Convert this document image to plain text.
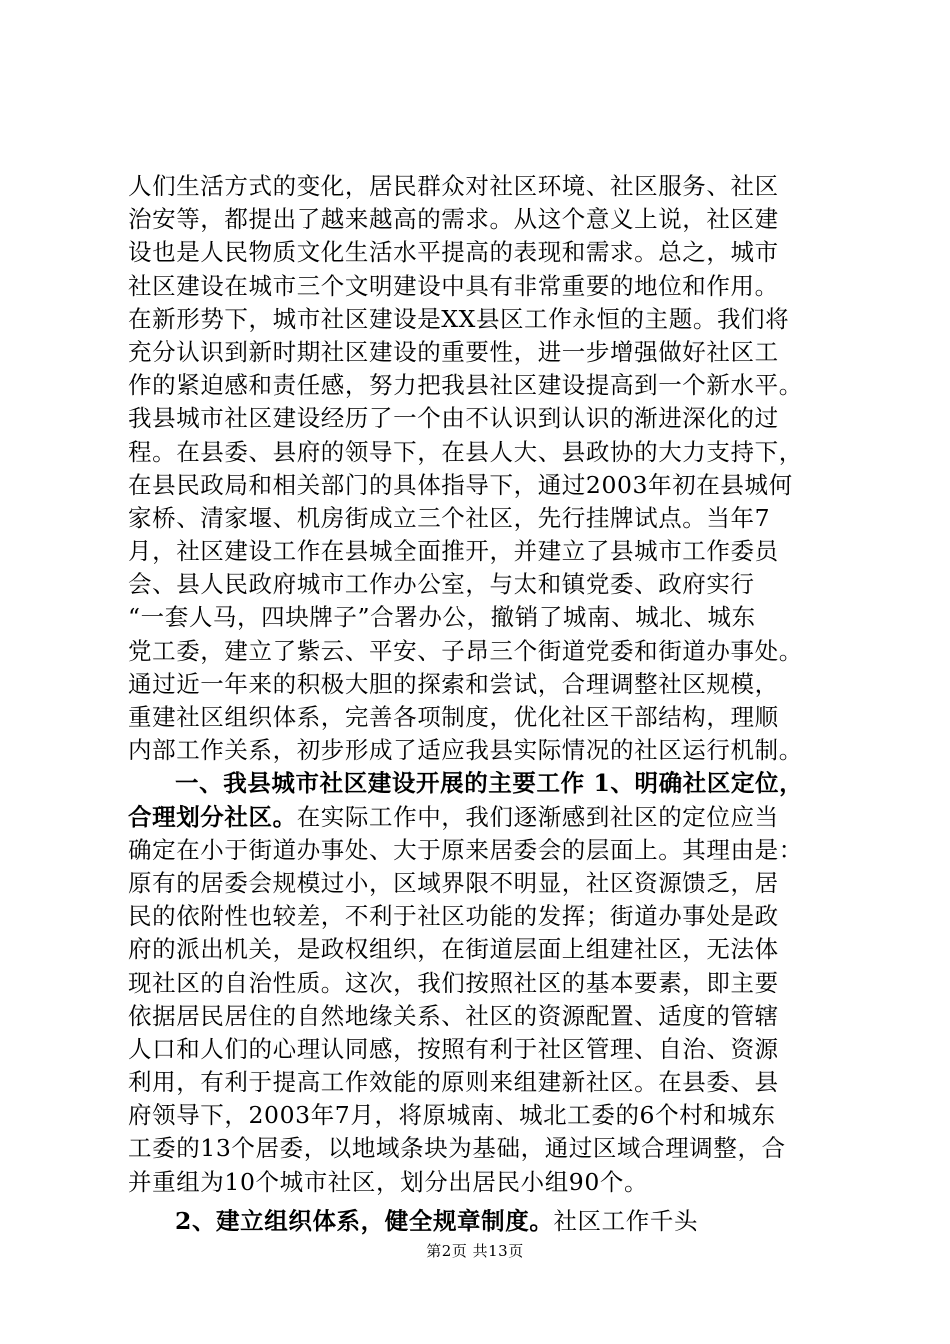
人们生活方式的变化，居民群众对社区环境、社区服务、社区
治安等，都提出了越来越高的需求。从这个意义上说，社区建
设也是人民物质文化生活水平提高的表现和需求。总之，城市
社区建设在城市三个文明建设中具有非常重要的地位和作用。
在新形势下，城市社区建设是XX县区工作永恒的主题。我们将
充分认识到新时期社区建设的重要性，进一步增强做好社区工
作的紧迫感和责任感，努力把我县社区建设提高到一个新水平。
我县城市社区建设经历了一个由不认识到认识的渐进深化的过
程。在县委、县府的领导下，在县人大、县政协的大力支持下，
在县民政局和相关部门的具体指导下，通过2003年初在县城何
家桥、清家堰、机房街成立三个社区，先行挂牌试点。当年7
月，社区建设工作在县城全面推开，并建立了县城市工作委员
会、县人民政府城市工作办公室，与太和镇党委、政府实行
“一套人马，四块牌子”合署办公，撤销了城南、城北、城东
党工委，建立了紫云、平安、子昂三个街道党委和街道办事处。
通过近一年来的积极大胆的探索和尝试，合理调整社区规模，
重建社区组织体系，完善各项制度，优化社区干部结构，理顺
内部工作关系，初步形成了适应我县实际情况的社区运行机制。
一、我县城市社区建设开展的主要工作 1、明确社区定位，
合理划分社区。在实际工作中，我们逐渐感到社区的定位应当
确定在小于街道办事处、大于原来居委会的层面上。其理由是：
原有的居委会规模过小，区域界限不明显，社区资源馈乏，居
民的依附性也较差，不利于社区功能的发挥；街道办事处是政
府的派出机关，是政权组织，在街道层面上组建社区，无法体
现社区的自治性质。这次，我们按照社区的基本要素，即主要
依据居民居住的自然地缘关系、社区的资源配置、适度的管辖
人口和人们的心理认同感，按照有利于社区管理、自治、资源
利用，有利于提高工作效能的原则来组建新社区。在县委、县
府领导下，2003年7月，将原城南、城北工委的6个村和城东
工委的13个居委，以地域条块为基础，通过区域合理调整，合
并重组为10个城市社区，划分出居民小组90个。
2、建立组织体系，健全规章制度。社区工作千头
第2页 共13页
